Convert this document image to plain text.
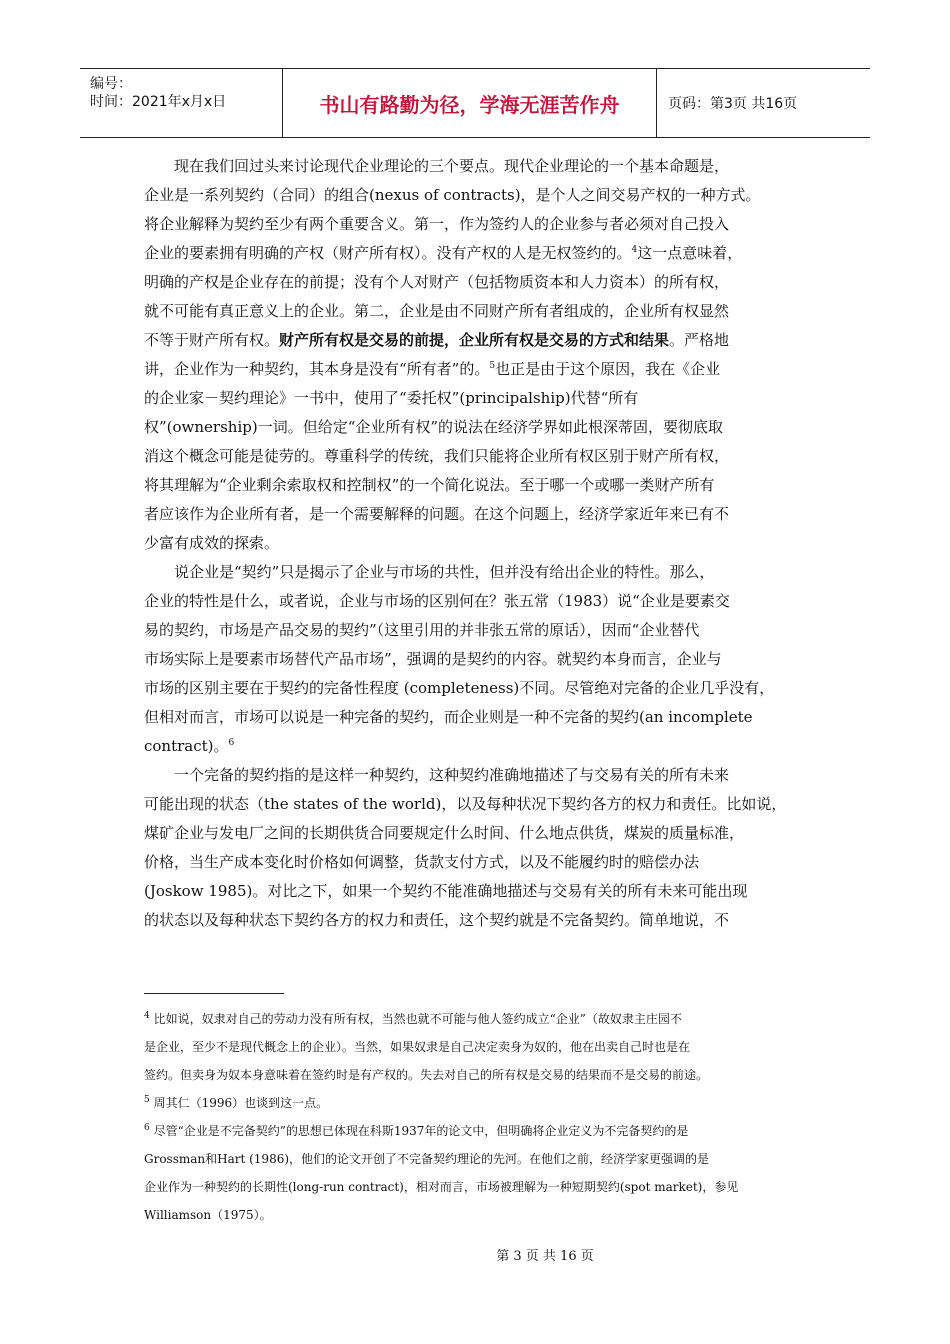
编号：
时间：2021年x月x日	书山有路勤为径，学海无涯苦作舟	页码：第3页 共16页
现在我们回过头来讨论现代企业理论的三个要点。现代企业理论的一个基本命题是，
企业是一系列契约（合同）的组合(nexus of contracts)，是个人之间交易产权的一种方式。
将企业解释为契约至少有两个重要含义。第一，作为签约人的企业参与者必须对自己投入
企业的要素拥有明确的产权（财产所有权）。没有产权的人是无权签约的。$^4$这一点意味着，
明确的产权是企业存在的前提；没有个人对财产（包括物质资本和人力资本）的所有权，
就不可能有真正意义上的企业。第二，企业是由不同财产所有者组成的，企业所有权显然
不等于财产所有权。财产所有权是交易的前提，企业所有权是交易的方式和结果。严格地
讲，企业作为一种契约，其本身是没有“所有者”的。$^5$也正是由于这个原因，我在《企业
的企业家－契约理论》一书中，使用了“委托权”(principalship)代替“所有
权”(ownership)一词。但给定“企业所有权”的说法在经济学界如此根深蒂固，要彻底取
消这个概念可能是徒劳的。尊重科学的传统，我们只能将企业所有权区别于财产所有权，
将其理解为“企业剩余索取权和控制权”的一个简化说法。至于哪一个或哪一类财产所有
者应该作为企业所有者，是一个需要解释的问题。在这个问题上，经济学家近年来已有不
少富有成效的探索。
说企业是“契约”只是揭示了企业与市场的共性，但并没有给出企业的特性。那么，
企业的特性是什么，或者说，企业与市场的区别何在？张五常（1983）说“企业是要素交
易的契约，市场是产品交易的契约”（这里引用的并非张五常的原话），因而“企业替代
市场实际上是要素市场替代产品市场”，强调的是契约的内容。就契约本身而言，企业与
市场的区别主要在于契约的完备性程度 (completeness)不同。尽管绝对完备的企业几乎没有，
但相对而言，市场可以说是一种完备的契约，而企业则是一种不完备的契约(an incomplete
contract)。$^6$
一个完备的契约指的是这样一种契约，这种契约准确地描述了与交易有关的所有未来
可能出现的状态（the states of the world)，以及每种状况下契约各方的权力和责任。比如说，
煤矿企业与发电厂之间的长期供货合同要规定什么时间、什么地点供货，煤炭的质量标准，
价格，当生产成本变化时价格如何调整，货款支付方式，以及不能履约时的赔偿办法
(Joskow 1985)。对比之下，如果一个契约不能准确地描述与交易有关的所有未来可能出现
的状态以及每种状态下契约各方的权力和责任，这个契约就是不完备契约。简单地说，不
$^4$ 比如说，奴隶对自己的劳动力没有所有权，当然也就不可能与他人签约成立“企业”（故奴隶主庄园不
是企业，至少不是现代概念上的企业）。当然，如果奴隶是自己决定卖身为奴的，他在出卖自己时也是在
签约。但卖身为奴本身意味着在签约时是有产权的。失去对自己的所有权是交易的结果而不是交易的前途。
$^5$ 周其仁（1996）也谈到这一点。
$^6$ 尽管“企业是不完备契约”的思想已体现在科斯1937年的论文中，但明确将企业定义为不完备契约的是
Grossman和Hart (1986)，他们的论文开创了不完备契约理论的先河。在他们之前，经济学家更强调的是
企业作为一种契约的长期性(long-run contract)，相对而言，市场被理解为一种短期契约(spot market)，参见
Williamson（1975）。
第 3 页 共 16 页
